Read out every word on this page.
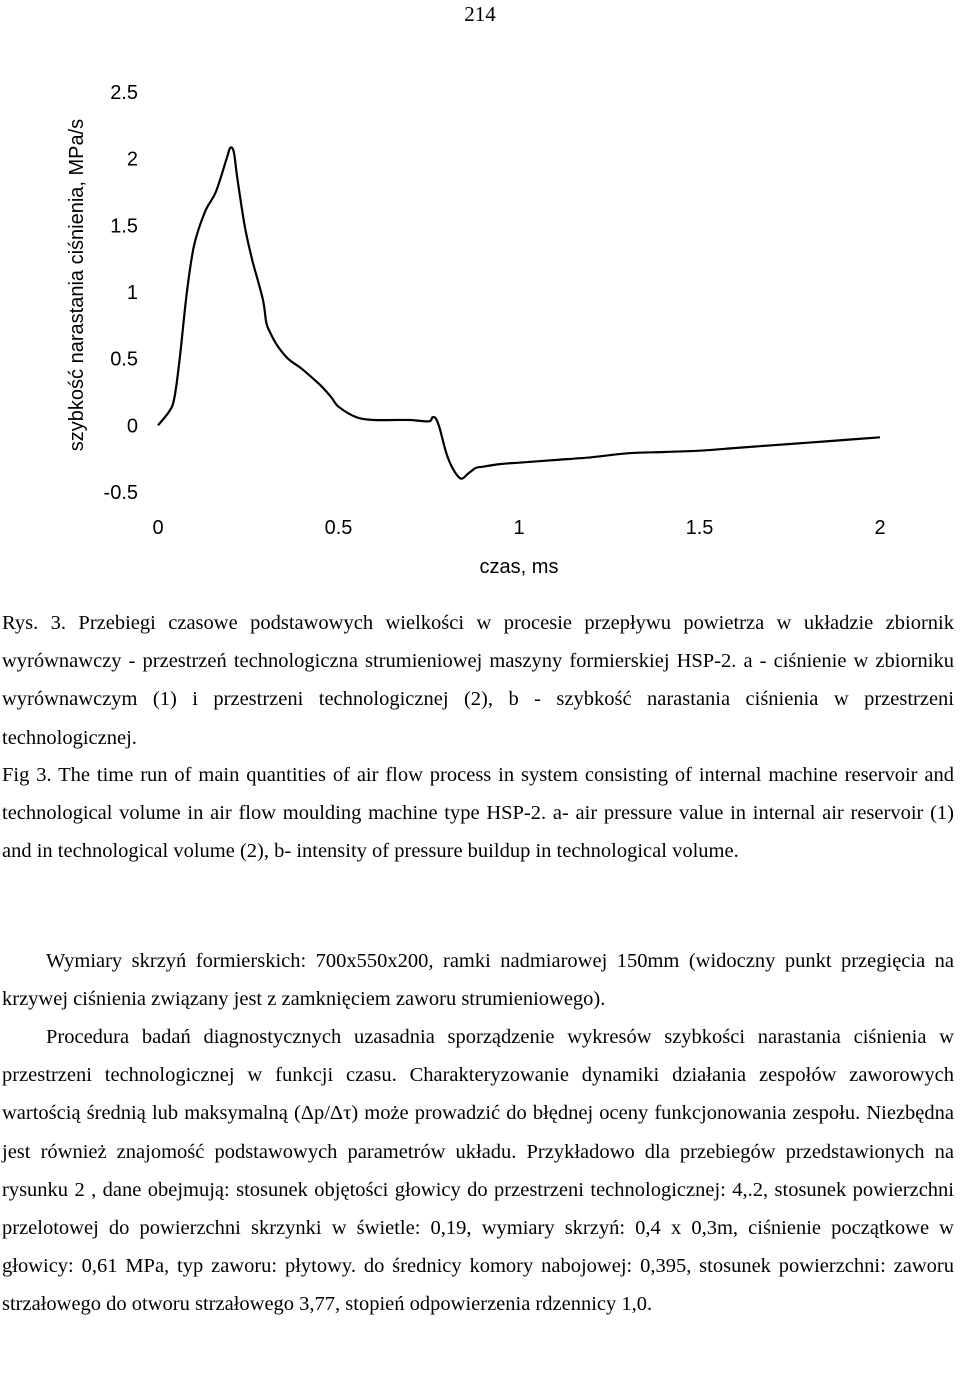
214
szybkość narastania ciśnienia, MPa/s
-0.5
0
0.5
1
1.5
2
2.5
0	0.5	1	1.5	2
czas, ms

Rys. 3. Przebiegi czasowe podstawowych wielkości w procesie przepływu powietrza w układzie zbiornik wyrównawczy - przestrzeń technologiczna strumieniowej maszyny formierskiej HSP-2. a - ciśnienie w zbiorniku wyrównawczym (1) i przestrzeni technologicznej (2), b - szybkość narastania ciśnienia w przestrzeni technologicznej.

Fig 3. The time run of main quantities of air flow process in system consisting of internal machine reservoir and technological volume in air flow moulding machine type HSP-2. a- air pressure value in internal air reservoir (1) and in technological volume (2), b- intensity of pressure buildup in technological volume.

Wymiary skrzyń formierskich: 700x550x200, ramki nadmiarowej 150mm (widoczny punkt przegięcia na krzywej ciśnienia związany jest z zamknięciem zaworu strumieniowego).

Procedura badań diagnostycznych uzasadnia sporządzenie wykresów szybkości narastania ciśnienia w przestrzeni technologicznej w funkcji czasu. Charakteryzowanie dynamiki działania zespołów zaworowych wartością średnią lub maksymalną (Δp/Δτ) może prowadzić do błędnej oceny funkcjonowania zespołu. Niezbędna jest również znajomość podstawowych parametrów układu. Przykładowo dla przebiegów przedstawionych na rysunku 2 , dane obejmują: stosunek objętości głowicy do przestrzeni technologicznej: 4,.2, stosunek powierzchni przelotowej do powierzchni skrzynki w świetle: 0,19, wymiary skrzyń: 0,4 x 0,3m, ciśnienie początkowe w głowicy: 0,61 MPa, typ zaworu: płytowy. do średnicy komory nabojowej: 0,395, stosunek powierzchni: zaworu strzałowego do otworu strzałowego 3,77, stopień odpowierzenia rdzennicy 1,0.
